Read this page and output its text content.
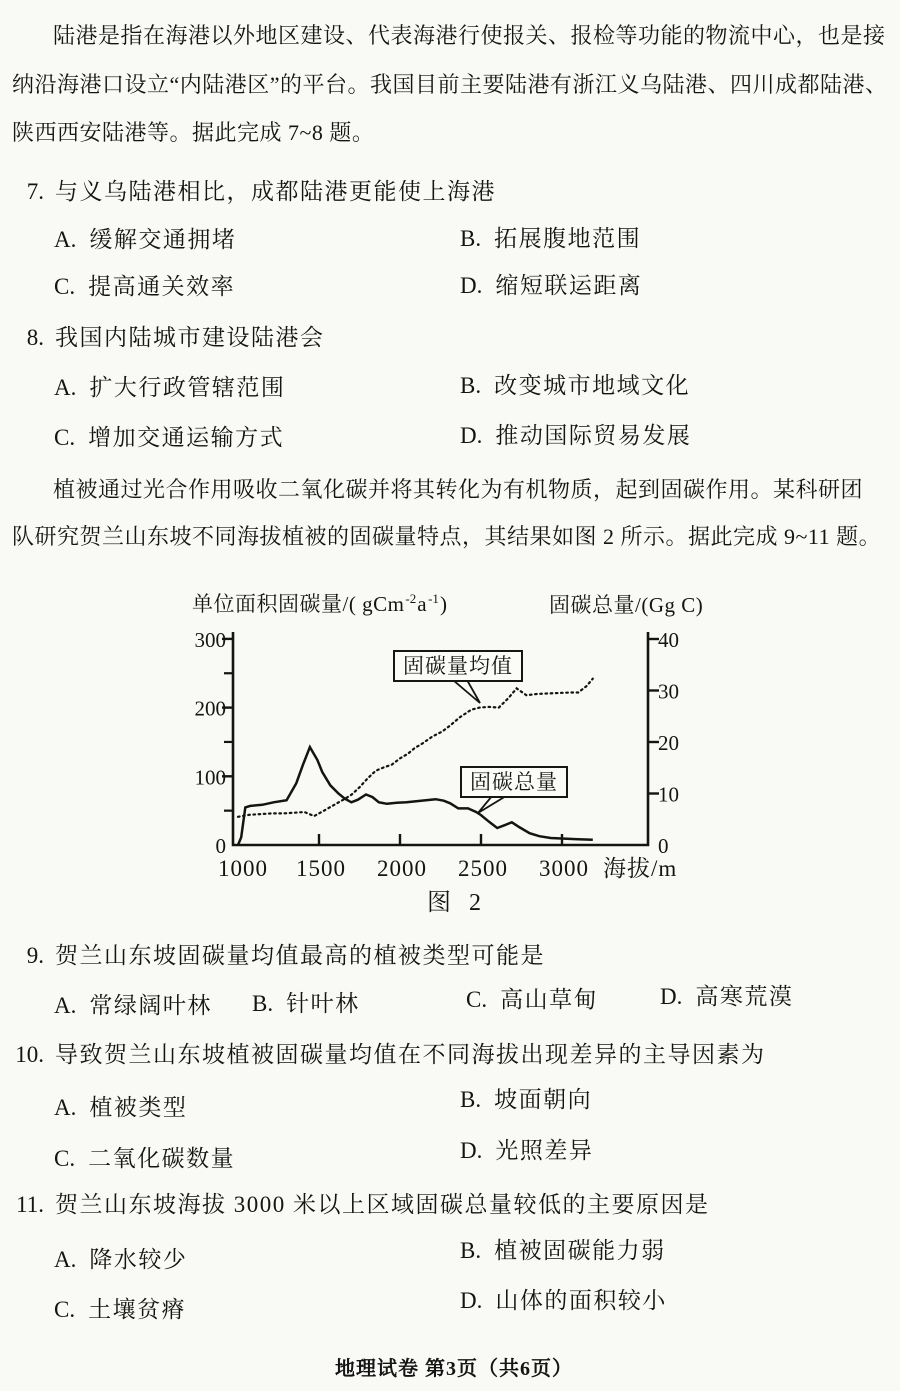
陆港是指在海港以外地区建设、代表海港行使报关、报检等功能的物流中心，也是接
纳沿海港口设立“内陆港区”的平台。我国目前主要陆港有浙江义乌陆港、四川成都陆港、
陕西西安陆港等。据此完成 7~8 题。
7. 与义乌陆港相比，成都陆港更能使上海港
A. 缓解交通拥堵	B. 拓展腹地范围
C. 提高通关效率	D. 缩短联运距离
8. 我国内陆城市建设陆港会
A. 扩大行政管辖范围	B. 改变城市地域文化
C. 增加交通运输方式	D. 推动国际贸易发展
植被通过光合作用吸收二氧化碳并将其转化为有机物质，起到固碳作用。某科研团
队研究贺兰山东坡不同海拔植被的固碳量特点，其结果如图 2 所示。据此完成 9~11 题。
单位面积固碳量/( $gCm^{-2}a^{-1}$)	固碳总量/(Gg C)
0
100
200
300
0
10
20
30
40
1000 1500 2000 2500 3000 海拔/m
固碳量均值
固碳总量
图 2
9. 贺兰山东坡固碳量均值最高的植被类型可能是
A. 常绿阔叶林 B. 针叶林	C. 高山草甸	D. 高寒荒漠
10. 导致贺兰山东坡植被固碳量均值在不同海拔出现差异的主导因素为
A. 植被类型	B. 坡面朝向
C. 二氧化碳数量	D. 光照差异
11. 贺兰山东坡海拔 3000 米以上区域固碳总量较低的主要原因是
A. 降水较少	B. 植被固碳能力弱
C. 土壤贫瘠	D. 山体的面积较小
地理试卷 第3页（共6页）
